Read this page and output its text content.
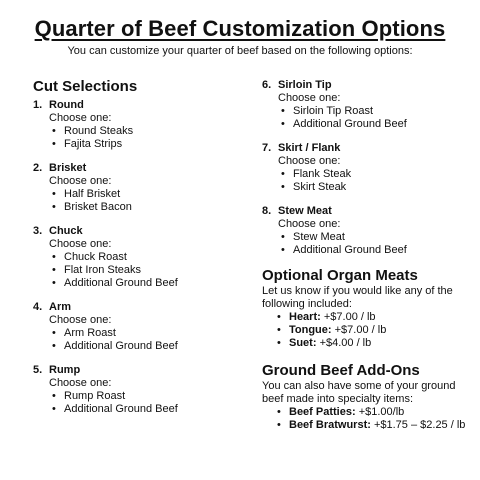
Quarter of Beef Customization Options
You can customize your quarter of beef based on the following options:
Cut Selections
1. Round
Choose one:
• Round Steaks
• Fajita Strips
2. Brisket
Choose one:
• Half Brisket
• Brisket Bacon
3. Chuck
Choose one:
• Chuck Roast
• Flat Iron Steaks
• Additional Ground Beef
4. Arm
Choose one:
• Arm Roast
• Additional Ground Beef
5. Rump
Choose one:
• Rump Roast
• Additional Ground Beef
6. Sirloin Tip
Choose one:
• Sirloin Tip Roast
• Additional Ground Beef
7. Skirt / Flank
Choose one:
• Flank Steak
• Skirt Steak
8. Stew Meat
Choose one:
• Stew Meat
• Additional Ground Beef
Optional Organ Meats
Let us know if you would like any of the following included:
• Heart: +$7.00 / lb
• Tongue: +$7.00 / lb
• Suet: +$4.00 / lb
Ground Beef Add-Ons
You can also have some of your ground beef made into specialty items:
• Beef Patties: +$1.00/lb
• Beef Bratwurst: +$1.75 – $2.25 / lb
